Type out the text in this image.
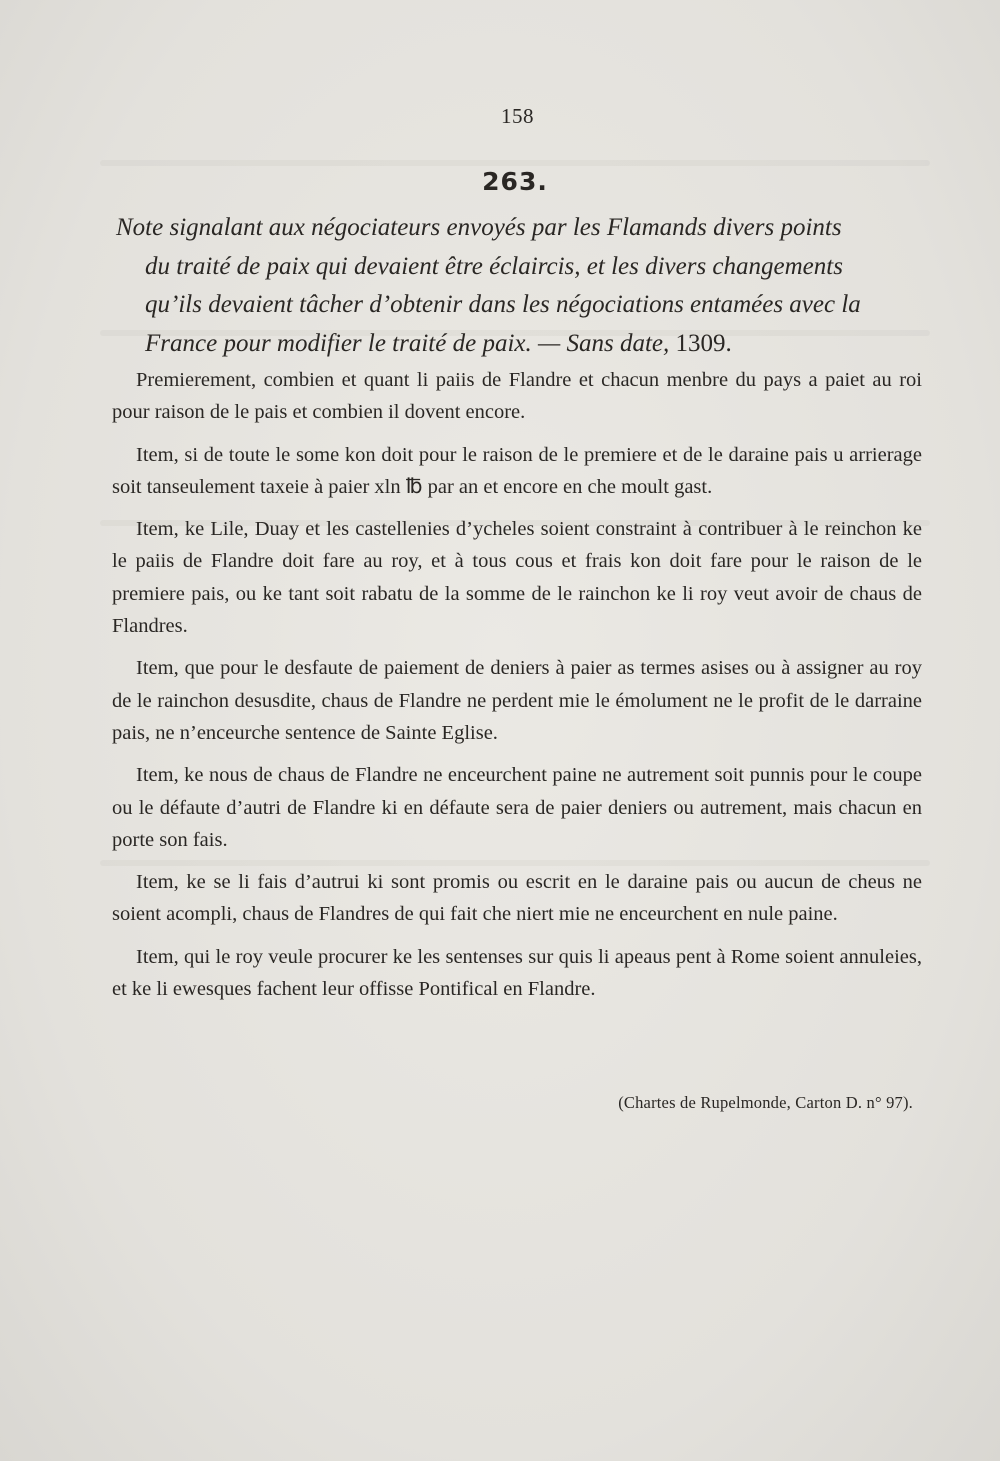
158
263.
Note signalant aux négociateurs envoyés par les Flamands divers points
du traité de paix qui devaient être éclaircis, et les divers changements
qu’ils devaient tâcher d’obtenir dans les négociations entamées avec la
France pour modifier le traité de paix. — Sans date, 1309.

Premierement, combien et quant li paiis de Flandre et chacun menbre du pays a paiet au roi pour raison de le pais et combien il dovent encore.

Item, si de toute le some kon doit pour le raison de le premiere et de le daraine pais u arrierage soit tanseulement taxeie à paier xln ℔ par an et encore en che moult gast.

Item, ke Lile, Duay et les castellenies d’ycheles soient constraint à contribuer à le reinchon ke le paiis de Flandre doit fare au roy, et à tous cous et frais kon doit fare pour le raison de le premiere pais, ou ke tant soit rabatu de la somme de le rainchon ke li roy veut avoir de chaus de Flandres.

Item, que pour le desfaute de paiement de deniers à paier as termes asises ou à assigner au roy de le rainchon desusdite, chaus de Flandre ne perdent mie le émolument ne le profit de le darraine pais, ne n’enceurche sentence de Sainte Eglise.

Item, ke nous de chaus de Flandre ne enceurchent paine ne autrement soit punnis pour le coupe ou le défaute d’autri de Flandre ki en défaute sera de paier deniers ou autrement, mais chacun en porte son fais.

Item, ke se li fais d’autrui ki sont promis ou escrit en le daraine pais ou aucun de cheus ne soient acompli, chaus de Flandres de qui fait che niert mie ne enceurchent en nule paine.

Item, qui le roy veule procurer ke les sentenses sur quis li apeaus pent à Rome soient annuleies, et ke li ewesques fachent leur offisse Pontifical en Flandre.

(Chartes de Rupelmonde, Carton D. n° 97).
